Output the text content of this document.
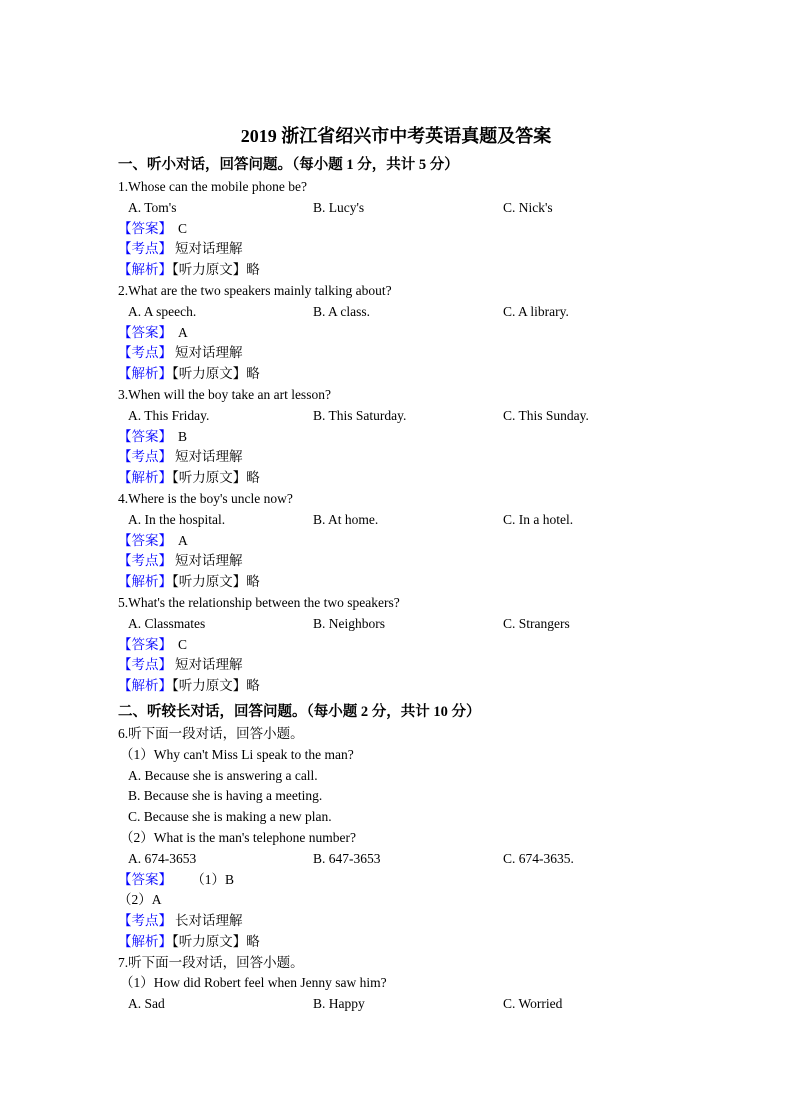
2019 浙江省绍兴市中考英语真题及答案
一、听小对话，回答问题。（每小题 1 分，共计 5 分）
1.Whose can the mobile phone be?
A. Tom's	B. Lucy's	C. Nick's
【答案】 C
【考点】 短对话理解
【解析】【听力原文】略
2.What are the two speakers mainly talking about?
A. A speech.	B. A class.	C. A library.
【答案】 A
【考点】 短对话理解
【解析】【听力原文】略
3.When will the boy take an art lesson?
A. This Friday.	B. This Saturday.	C. This Sunday.
【答案】 B
【考点】 短对话理解
【解析】【听力原文】略
4.Where is the boy's uncle now?
A. In the hospital.	B. At home.	C. In a hotel.
【答案】 A
【考点】 短对话理解
【解析】【听力原文】略
5.What's the relationship between the two speakers?
A. Classmates	B. Neighbors	C. Strangers
【答案】 C
【考点】 短对话理解
【解析】【听力原文】略
二、听较长对话，回答问题。（每小题 2 分，共计 10 分）
6.听下面一段对话，回答小题。
（1）Why can't Miss Li speak to the man?
A. Because she is answering a call.
B. Because she is having a meeting.
C. Because she is making a new plan.
（2）What is the man's telephone number?
A. 674-3653	B. 647-3653	C. 674-3635.
【答案】 （1）B
（2）A
【考点】 长对话理解
【解析】【听力原文】略
7.听下面一段对话，回答小题。
（1）How did Robert feel when Jenny saw him?
A. Sad	B. Happy	C. Worried
